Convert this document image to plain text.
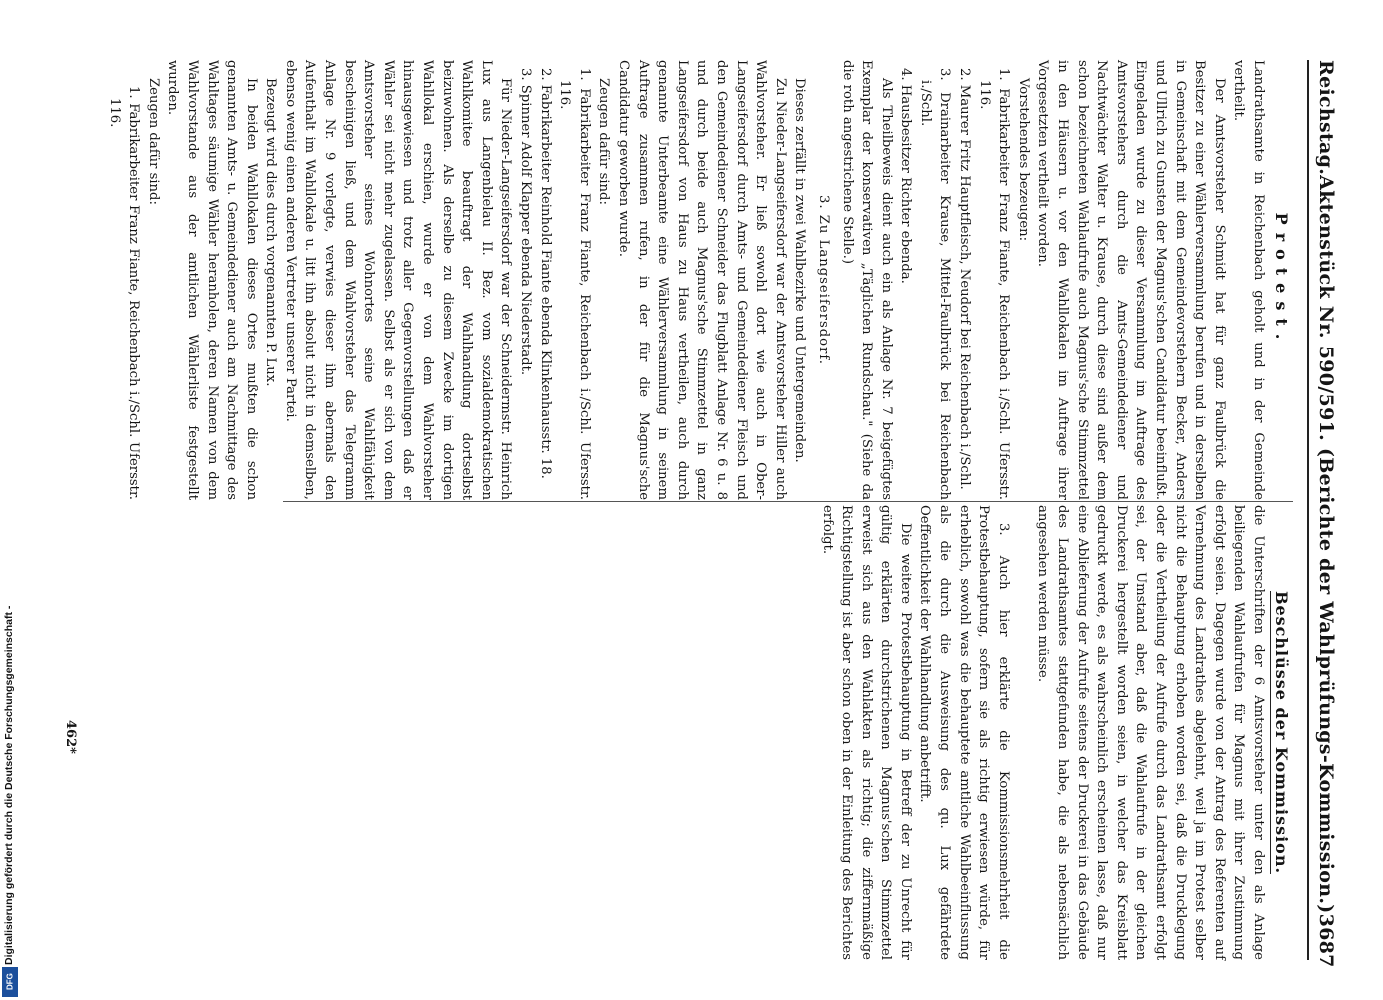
Reichstag.
Aktenstück Nr. 590/591. (Berichte der Wahlprüfungs-Kommission.)
3687
Protest.
Beschlüsse der Kommission.

Landrathsamte in Reichenbach geholt und in der Gemeinde vertheilt.

Der Amtsvorsteher Schmidt hat für ganz Faulbrück die Besitzer zu einer Wählerversammlung berufen und in derselben in Gemeinschaft mit dem Gemeindevorstehern Becker, Anders und Ullrich zu Gunsten der Magnus'schen Candidatur beeinflußt. Eingeladen wurde zu dieser Versammlung im Auftrage des Amtsvorstehers durch die Amts-Gemeindediener und Nachtwächter Walter u. Krause, durch diese sind außer dem schon bezeichneten Wahlaufrufe auch Magnus'sche Stimmzettel in den Häusern u. vor den Wahllokalen im Auftrage ihrer Vorgesetzten vertheilt worden.

Vorstehendes bezeugen:

1. Fabrikarbeiter Franz Fiante, Reichenbach i./Schl. Ufersstr. 116.

2. Maurer Fritz Hauptfleisch, Neudorf bei Reichenbach i./Schl.

3. Drainarbeiter Krause, Mittel-Faulbrück bei Reichenbach i./Schl.

4. Hausbesitzer Richter ebenda.

Als Theilbeweis dient auch ein als Anlage Nr. 7 beigefügtes Exemplar der konservativen „Täglichen Rundschau." (Siehe da die roth angestrichene Stelle.)

3. Zu Langseifersdorf.

Dieses zerfällt in zwei Wahlbezirke und Untergemeinden.

Zu Nieder-Langseifersdorf war der Amtsvorsteher Hiller auch Wahlvorsteher. Er ließ sowohl dort wie auch in Ober-Langseifersdorf durch Amts- und Gemeindediener Fleisch und den Gemeindediener Schneider das Flugblatt Anlage Nr. 6 u. 8 und durch beide auch Magnus'sche Stimmzettel in ganz Langseifersdorf von Haus zu Haus vertheilen, auch durch genannte Unterbeamte eine Wählerversammlung in seinem Auftrage zusammen rufen, in der für die Magnus'sche Candidatur geworben wurde.

Zeugen dafür sind:

1. Fabrikarbeiter Franz Fiante, Reichenbach i./Schl. Ufersstr. 116.

2. Fabrikarbeiter Reinhold Fiante ebenda Klinkenhausstr. 18.

3. Spinner Adolf Klapper ebenda Niederstadt.

Für Nieder-Langseifersdorf war der Schneidermstr. Heinrich Lux aus Langenbielau II. Bez. vom sozialdemokratischen Wahlkomitee beauftragt der Wahlhandlung dortselbst beizuwohnen. Als derselbe zu diesem Zwecke im dortigen Wahllokal erschien, wurde er von dem Wahlvorsteher hinausgewiesen und trotz aller Gegenvorstellungen daß er Wähler sei nicht mehr zugelassen. Selbst als er sich von dem Amtsvorsteher seines Wohnortes seine Wahlfähigkeit bescheinigen ließ, und dem Wahlvorsteher das Telegramm Anlage Nr. 9 vorlegte, verwies dieser ihm abermals den Aufenthalt im Wahllokale u. litt ihn absolut nicht in demselben, ebenso wenig einen anderen Vertreter unserer Partei.

Bezeugt wird dies durch vorgenannten P. Lux.

In beiden Wahllokalen dieses Ortes mußten die schon genannten Amts- u. Gemeindediener auch am Nachmittage des Wahltages säumige Wähler heranholen, deren Namen von dem Wahlvorstande aus der amtlichen Wählerliste festgestellt wurden.

Zeugen dafür sind:

1. Fabrikarbeiter Franz Fiante, Reichenbach i./Schl. Ufersstr. 116.

die Unterschriften der 6 Amtsvorsteher unter den als Anlage beiliegenden Wahlaufrufen für Magnus mit ihrer Zustimmung erfolgt seien. Dagegen wurde von der Antrag des Referenten auf Vernehmung des Landrathes abgelehnt, weil ja im Protest selber nicht die Behauptung erhoben worden sei, daß die Drucklegung oder die Vertheilung der Aufrufe durch das Landrathsamt erfolgt sei, der Umstand aber, daß die Wahlaufrufe in der gleichen Druckerei hergestellt worden seien, in welcher das Kreisblatt gedruckt werde, es als wahrscheinlich erscheinen lasse, daß nur eine Ablieferung der Aufrufe seitens der Druckerei in das Gebäude des Landrathsamtes stattgefunden habe, die als nebensächlich angesehen werden müsse.

3. Auch hier erklärte die Kommissionsmehrheit die Protestbehauptung, sofern sie als richtig erwiesen würde, für erheblich, sowohl was die behauptete amtliche Wahlbeeinflussung als die durch die Ausweisung des qu. Lux gefährdete Oeffentlichkeit der Wahlhandlung anbetrifft.

Die weitere Protestbehauptung in Betreff der zu Unrecht für gültig erklärten durchstrichenen Magnus'schen Stimmzettel erweist sich aus den Wahlakten als richtig; die ziffernmäßige Richtigstellung ist aber schon oben in der Einleitung des Berichtes erfolgt.

462*
Digitalisierung gefördert durch die Deutsche Forschungsgemeinschaft -
DFG
